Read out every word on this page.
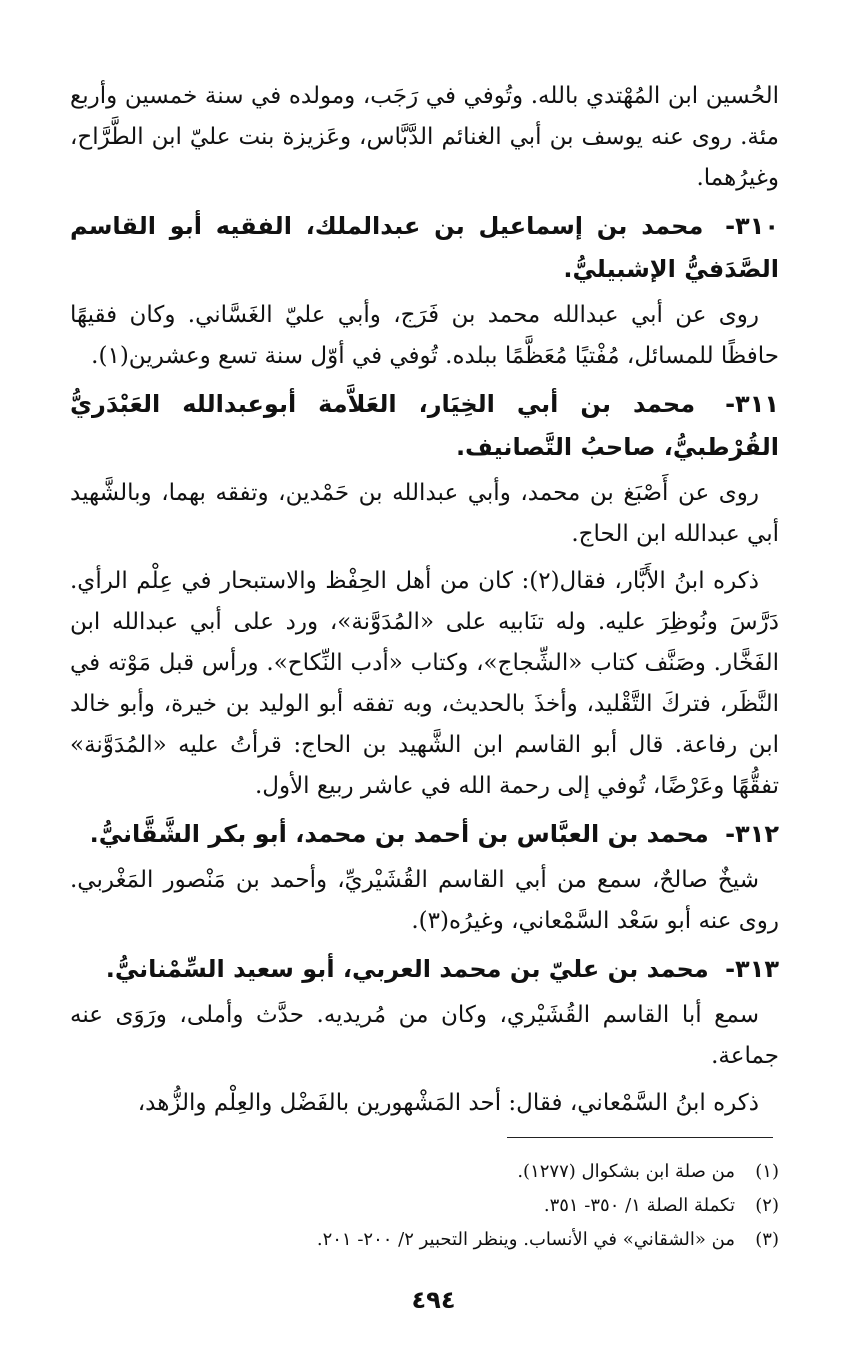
الحُسين ابن المُهْتدي بالله. وتُوفي في رَجَب، ومولده في سنة خمسين وأربع مئة. روى عنه يوسف بن أبي الغنائم الدَّبَّاس، وعَزيزة بنت عليّ ابن الطَّرَّاح، وغيرُهما.

٣١٠- محمد بن إسماعيل بن عبدالملك، الفقيه أبو القاسم الصَّدَفيُّ الإشبيليُّ.

روى عن أبي عبدالله محمد بن فَرَج، وأبي عليّ الغَسَّاني. وكان فقيهًا حافظًا للمسائل، مُفْتيًا مُعَظَّمًا ببلده. تُوفي في أوّل سنة تسع وعشرين(١).

٣١١- محمد بن أبي الخِيَار، العَلاَّمة أبوعبدالله العَبْدَريُّ القُرْطبيُّ، صاحبُ التَّصانيف.

روى عن أَصْبَغ بن محمد، وأبي عبدالله بن حَمْدين، وتفقه بهما، وبالشَّهيد أبي عبدالله ابن الحاج.

ذكره ابنُ الأَبَّار، فقال(٢): كان من أهل الحِفْظ والاستبحار في عِلْم الرأي. دَرَّسَ ونُوظِرَ عليه. وله تنَابيه على «المُدَوَّنة»، ورد على أبي عبدالله ابن الفَخَّار. وصَنَّف كتاب «الشِّجاج»، وكتاب «أدب النِّكاح». ورأس قبل مَوْته في النَّظَر، فتركَ التَّقْليد، وأخذَ بالحديث، وبه تفقه أبو الوليد بن خيرة، وأبو خالد ابن رفاعة. قال أبو القاسم ابن الشَّهيد بن الحاج: قرأتُ عليه «المُدَوَّنة» تفقُّهًا وعَرْضًا، تُوفي إلى رحمة الله في عاشر ربيع الأول.

٣١٢- محمد بن العبَّاس بن أحمد بن محمد، أبو بكر الشَّقَّانيُّ.

شيخٌ صالحٌ، سمع من أبي القاسم القُشَيْريِّ، وأحمد بن مَنْصور المَغْربي. روى عنه أبو سَعْد السَّمْعاني، وغيرُه(٣).

٣١٣- محمد بن عليّ بن محمد العربي، أبو سعيد السِّمْنانيُّ.

سمع أبا القاسم القُشَيْري، وكان من مُريديه. حدَّث وأملى، ورَوَى عنه جماعة.

ذكره ابنُ السَّمْعاني، فقال: أحد المَشْهورين بالفَضْل والعِلْم والزُّهد،

(١)
من صلة ابن بشكوال (١٢٧٧).
(٢)
تكملة الصلة ١/ ٣٥٠- ٣٥١.
(٣)
من «الشقاني» في الأنساب. وينظر التحبير ٢/ ٢٠٠- ٢٠١.
٤٩٤
